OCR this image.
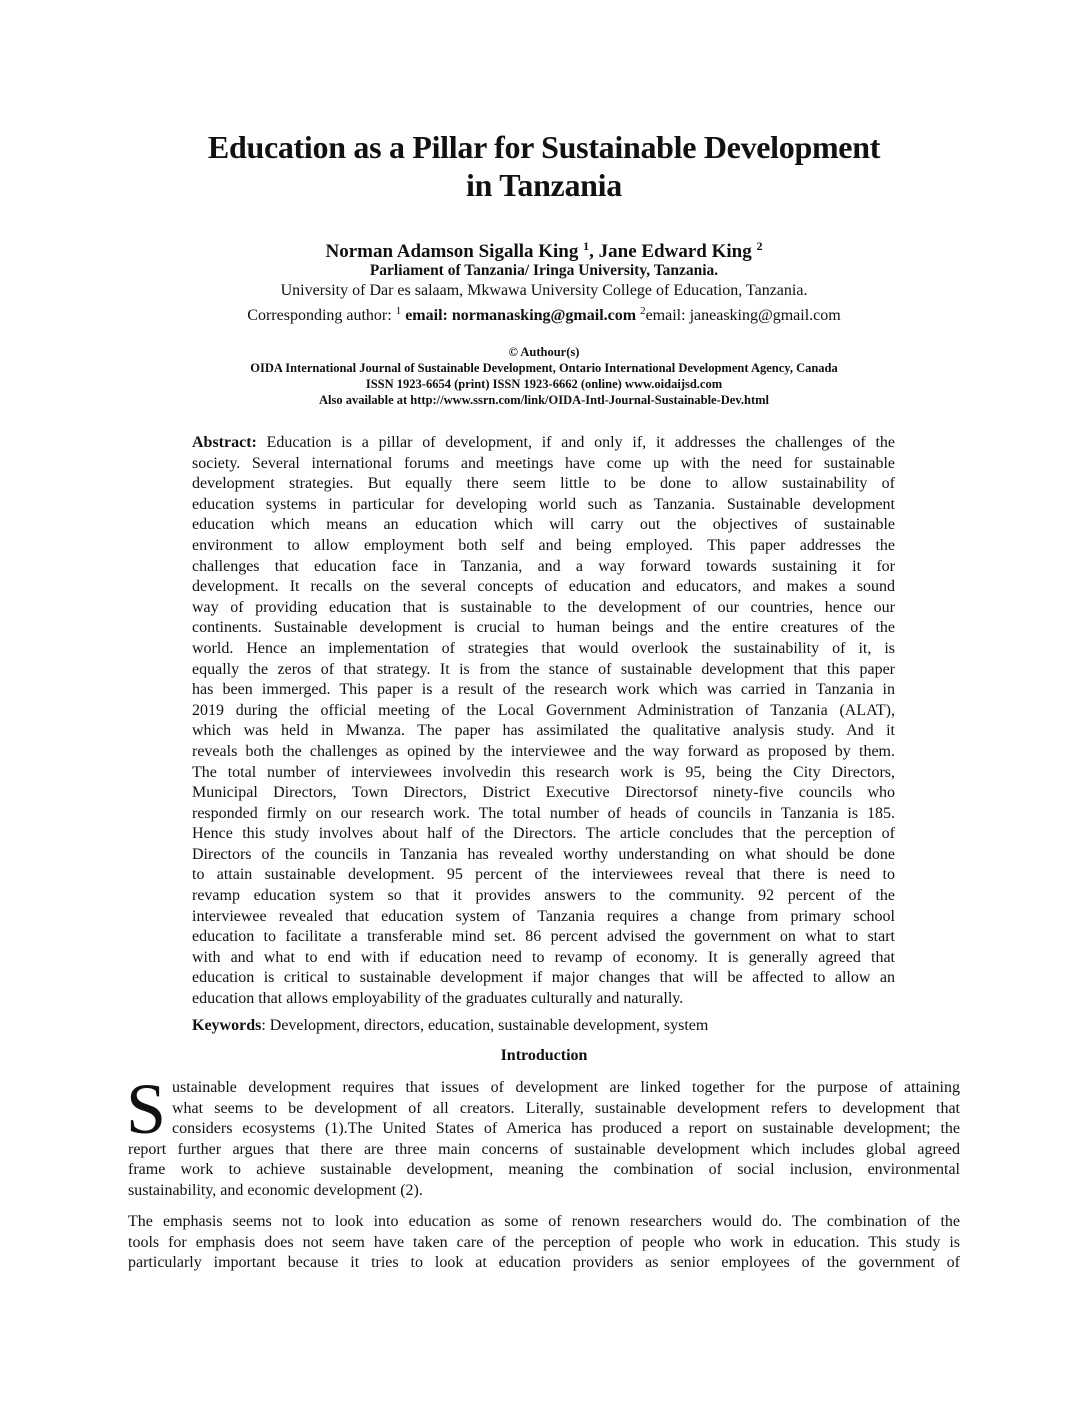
Education as a Pillar for Sustainable Development
in Tanzania
Norman Adamson Sigalla King $^1$, Jane Edward King $^2$
Parliament of Tanzania/ Iringa University, Tanzania.
University of Dar es salaam, Mkwawa University College of Education, Tanzania.
Corresponding author: $^1$ email: normanasking@gmail.com $^2$email: janeasking@gmail.com
© Authour(s)
OIDA International Journal of Sustainable Development, Ontario International Development Agency, Canada
ISSN 1923-6654 (print) ISSN 1923-6662 (online) www.oidaijsd.com
Also available at http://www.ssrn.com/link/OIDA-Intl-Journal-Sustainable-Dev.html
Abstract: Education is a pillar of development, if and only if, it addresses the challenges of the
society. Several international forums and meetings have come up with the need for sustainable
development strategies. But equally there seem little to be done to allow sustainability of
education systems in particular for developing world such as Tanzania. Sustainable development
education which means an education which will carry out the objectives of sustainable
environment to allow employment both self and being employed. This paper addresses the
challenges that education face in Tanzania, and a way forward towards sustaining it for
development. It recalls on the several concepts of education and educators, and makes a sound
way of providing education that is sustainable to the development of our countries, hence our
continents. Sustainable development is crucial to human beings and the entire creatures of the
world. Hence an implementation of strategies that would overlook the sustainability of it, is
equally the zeros of that strategy. It is from the stance of sustainable development that this paper
has been immerged. This paper is a result of the research work which was carried in Tanzania in
2019 during the official meeting of the Local Government Administration of Tanzania (ALAT),
which was held in Mwanza. The paper has assimilated the qualitative analysis study. And it
reveals both the challenges as opined by the interviewee and the way forward as proposed by them.
The total number of interviewees involvedin this research work is 95, being the City Directors,
Municipal Directors, Town Directors, District Executive Directorsof ninety-five councils who
responded firmly on our research work. The total number of heads of councils in Tanzania is 185.
Hence this study involves about half of the Directors. The article concludes that the perception of
Directors of the councils in Tanzania has revealed worthy understanding on what should be done
to attain sustainable development. 95 percent of the interviewees reveal that there is need to
revamp education system so that it provides answers to the community. 92 percent of the
interviewee revealed that education system of Tanzania requires a change from primary school
education to facilitate a transferable mind set. 86 percent advised the government on what to start
with and what to end with if education need to revamp of economy. It is generally agreed that
education is critical to sustainable development if major changes that will be affected to allow an
education that allows employability of the graduates culturally and naturally.
Keywords: Development, directors, education, sustainable development, system
Introduction
S ustainable development requires that issues of development are linked together for the purpose of attaining
what seems to be development of all creators. Literally, sustainable development refers to development that
considers ecosystems (1).The United States of America has produced a report on sustainable development; the
report further argues that there are three main concerns of sustainable development which includes global agreed
frame work to achieve sustainable development, meaning the combination of social inclusion, environmental
sustainability, and economic development (2).
The emphasis seems not to look into education as some of renown researchers would do. The combination of the
tools for emphasis does not seem have taken care of the perception of people who work in education. This study is
particularly important because it tries to look at education providers as senior employees of the government of
